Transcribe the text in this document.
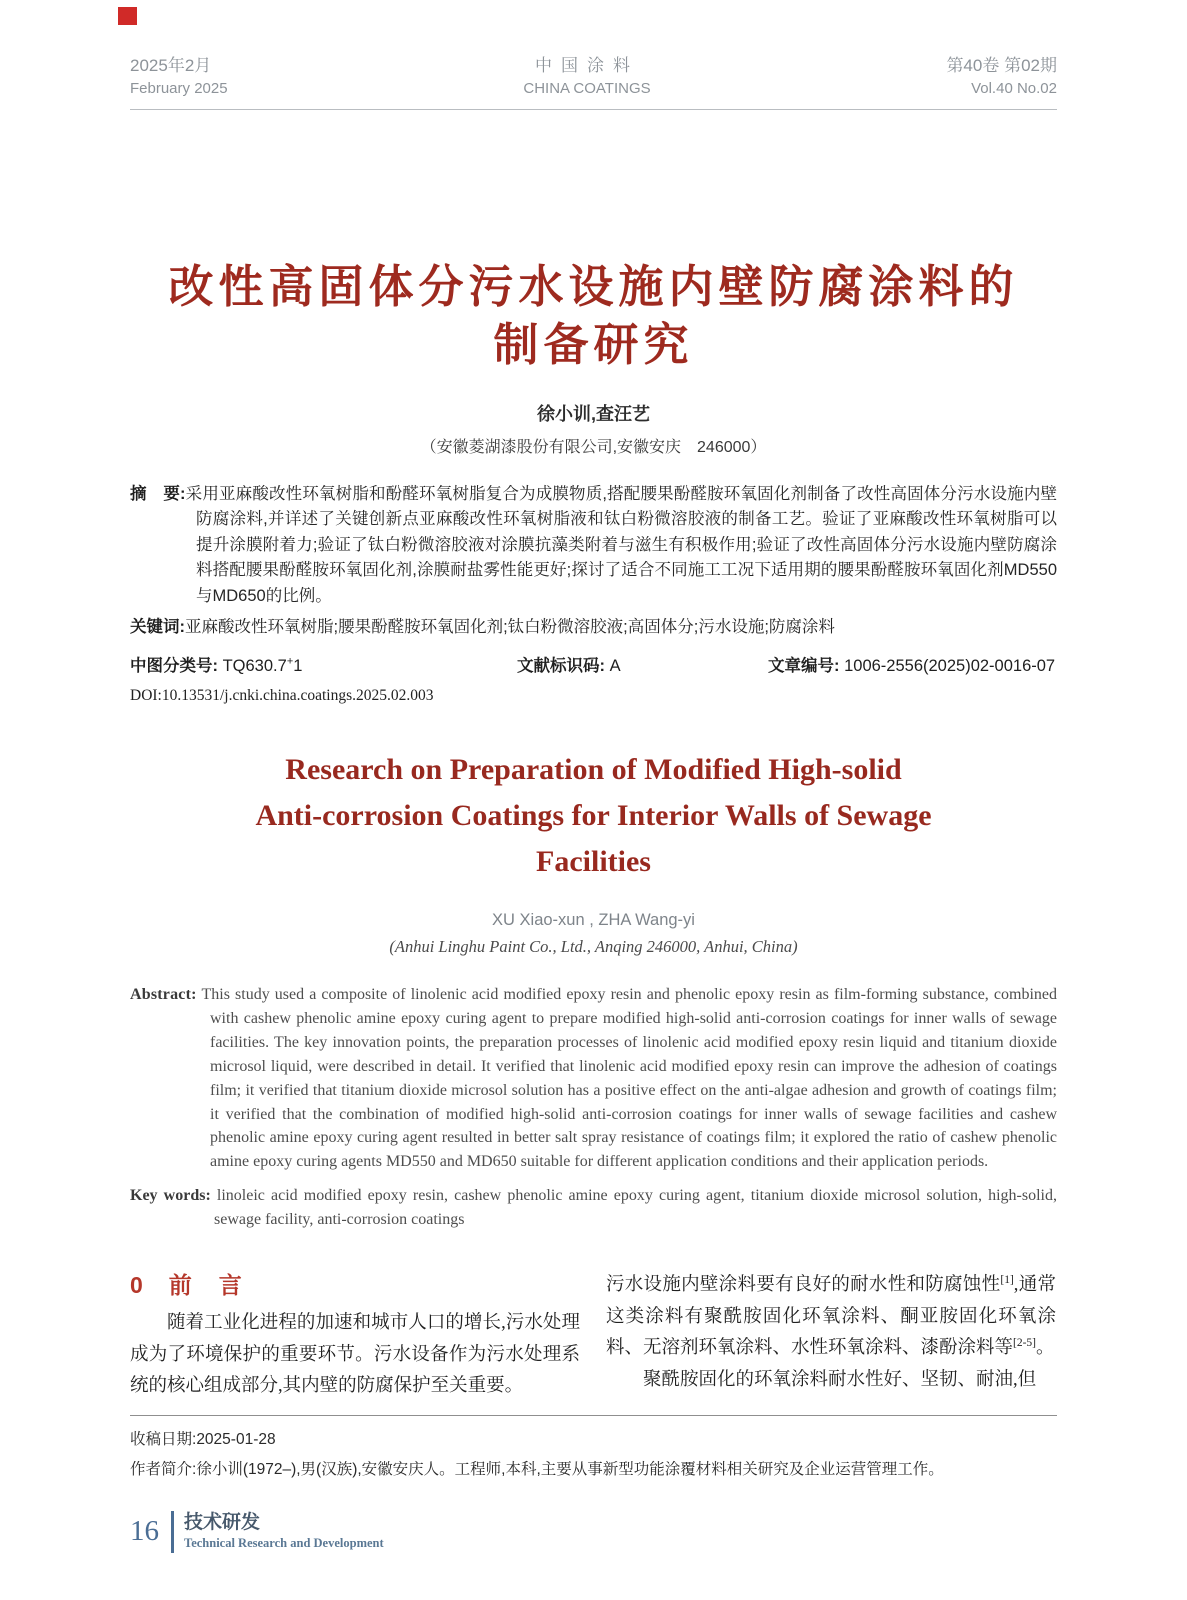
2025年2月
February 2025
中国涂料
CHINA COATINGS
第40卷 第02期
Vol.40 No.02
改性高固体分污水设施内壁防腐涂料的
制备研究
徐小训,查汪艺
（安徽菱湖漆股份有限公司,安徽安庆　246000）
摘　要:采用亚麻酸改性环氧树脂和酚醛环氧树脂复合为成膜物质,搭配腰果酚醛胺环氧固化剂制备了改性高固体分污水设施内壁防腐涂料,并详述了关键创新点亚麻酸改性环氧树脂液和钛白粉微溶胶液的制备工艺。验证了亚麻酸改性环氧树脂可以提升涂膜附着力;验证了钛白粉微溶胶液对涂膜抗藻类附着与滋生有积极作用;验证了改性高固体分污水设施内壁防腐涂料搭配腰果酚醛胺环氧固化剂,涂膜耐盐雾性能更好;探讨了适合不同施工工况下适用期的腰果酚醛胺环氧固化剂MD550与MD650的比例。
关键词:亚麻酸改性环氧树脂;腰果酚醛胺环氧固化剂;钛白粉微溶胶液;高固体分;污水设施;防腐涂料
中图分类号: TQ630.7+1	文献标识码: A	文章编号: 1006-2556(2025)02-0016-07
DOI:10.13531/j.cnki.china.coatings.2025.02.003
Research on Preparation of Modified High-solid
Anti-corrosion Coatings for Interior Walls of Sewage
Facilities
XU Xiao-xun , ZHA Wang-yi
(Anhui Linghu Paint Co., Ltd., Anqing 246000, Anhui, China)
Abstract: This study used a composite of linolenic acid modified epoxy resin and phenolic epoxy resin as film-forming substance, combined with cashew phenolic amine epoxy curing agent to prepare modified high-solid anti-corrosion coatings for inner walls of sewage facilities. The key innovation points, the preparation processes of linolenic acid modified epoxy resin liquid and titanium dioxide microsol liquid, were described in detail. It verified that linolenic acid modified epoxy resin can improve the adhesion of coatings film; it verified that titanium dioxide microsol solution has a positive effect on the anti-algae adhesion and growth of coatings film; it verified that the combination of modified high-solid anti-corrosion coatings for inner walls of sewage facilities and cashew phenolic amine epoxy curing agent resulted in better salt spray resistance of coatings film; it explored the ratio of cashew phenolic amine epoxy curing agents MD550 and MD650 suitable for different application conditions and their application periods.
Key words: linoleic acid modified epoxy resin, cashew phenolic amine epoxy curing agent, titanium dioxide microsol solution, high-solid, sewage facility, anti-corrosion coatings
0 前　言

随着工业化进程的加速和城市人口的增长,污水处理成为了环境保护的重要环节。污水设备作为污水处理系统的核心组成部分,其内壁的防腐保护至关重要。

污水设施内壁涂料要有良好的耐水性和防腐蚀性[1],通常这类涂料有聚酰胺固化环氧涂料、酮亚胺固化环氧涂料、无溶剂环氧涂料、水性环氧涂料、漆酚涂料等[2-5]。

聚酰胺固化的环氧涂料耐水性好、坚韧、耐油,但

收稿日期:2025-01-28
作者简介:徐小训(1972–),男(汉族),安徽安庆人。工程师,本科,主要从事新型功能涂覆材料相关研究及企业运营管理工作。
16 技术研发
Technical Research and Development
